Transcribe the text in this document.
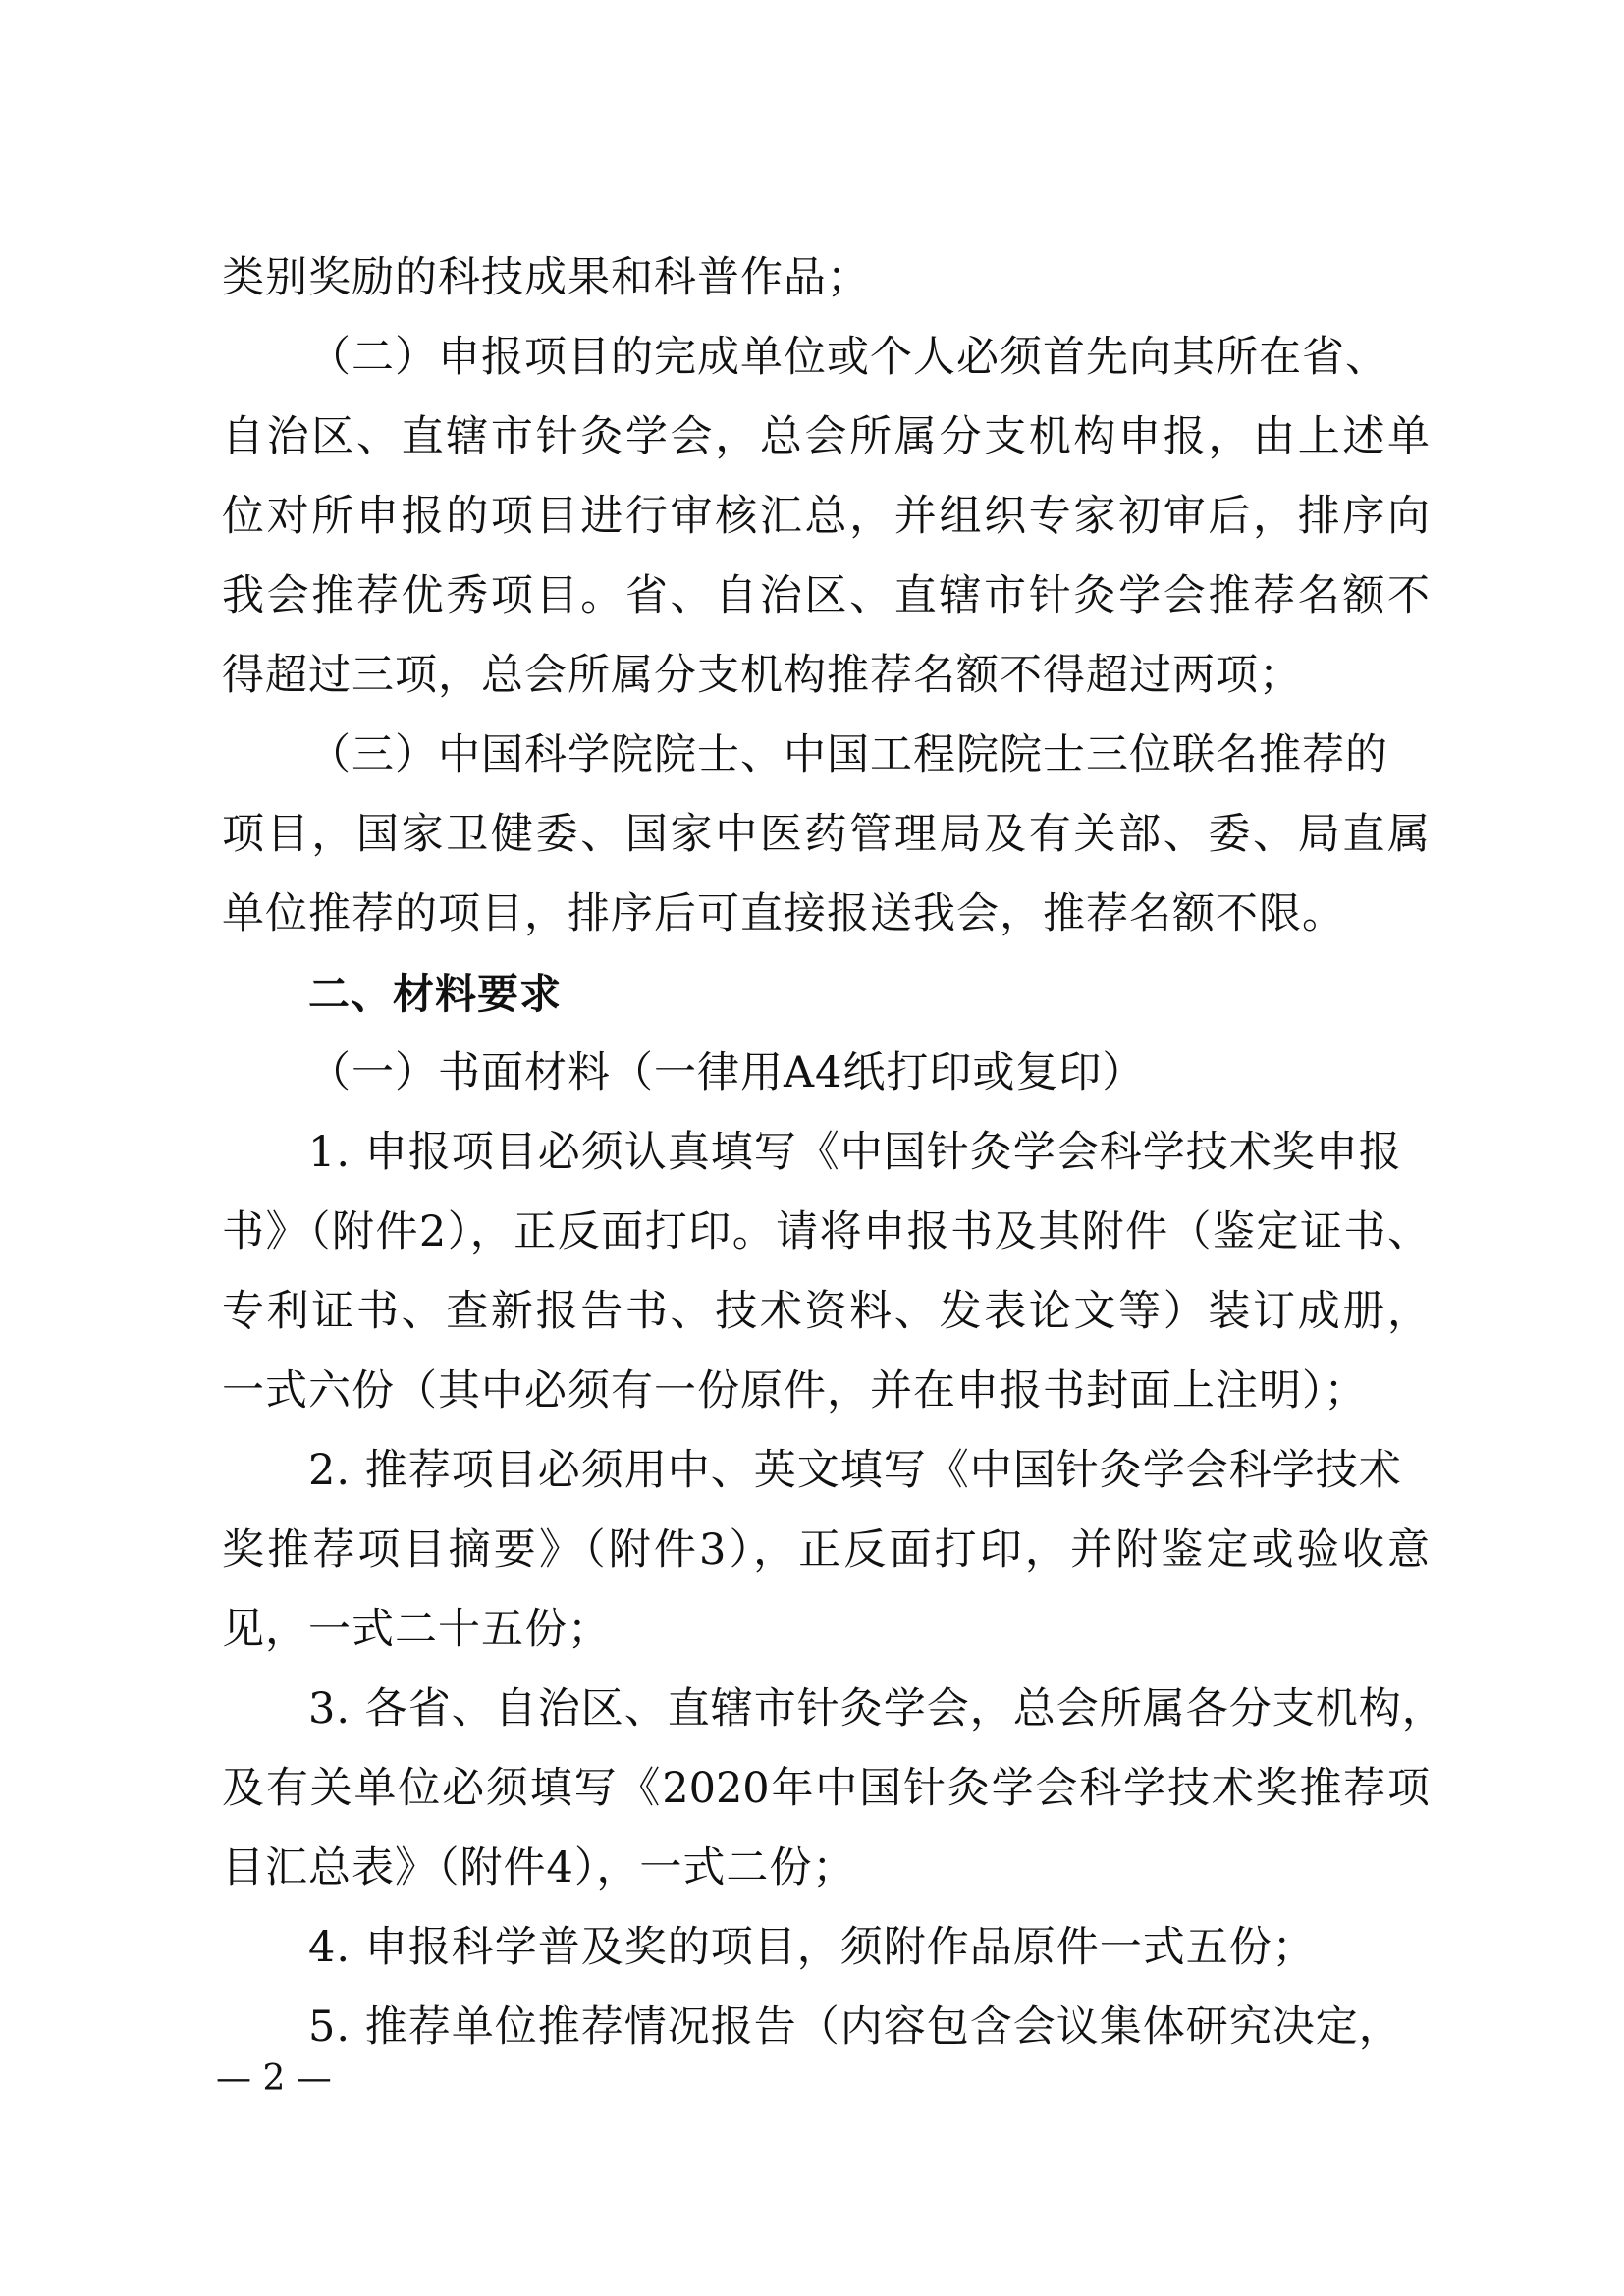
类别奖励的科技成果和科普作品；
（二）申报项目的完成单位或个人必须首先向其所在省、
自治区、直辖市针灸学会，总会所属分支机构申报，由上述单
位对所申报的项目进行审核汇总，并组织专家初审后，排序向
我会推荐优秀项目。省、自治区、直辖市针灸学会推荐名额不
得超过三项，总会所属分支机构推荐名额不得超过两项；
（三）中国科学院院士、中国工程院院士三位联名推荐的
项目，国家卫健委、国家中医药管理局及有关部、委、局直属
单位推荐的项目，排序后可直接报送我会，推荐名额不限。
二、材料要求
（一）书面材料（一律用A4纸打印或复印）
1. 申报项目必须认真填写《中国针灸学会科学技术奖申报
书》（附件2），正反面打印。请将申报书及其附件（鉴定证书、
专利证书、查新报告书、技术资料、发表论文等）装订成册，
一式六份（其中必须有一份原件，并在申报书封面上注明）；
2. 推荐项目必须用中、英文填写《中国针灸学会科学技术
奖推荐项目摘要》（附件3），正反面打印，并附鉴定或验收意
见，一式二十五份；
3. 各省、自治区、直辖市针灸学会，总会所属各分支机构，
及有关单位必须填写《2020年中国针灸学会科学技术奖推荐项
目汇总表》（附件4），一式二份；
4. 申报科学普及奖的项目，须附作品原件一式五份；
5. 推荐单位推荐情况报告（内容包含会议集体研究决定，
— 2 —
